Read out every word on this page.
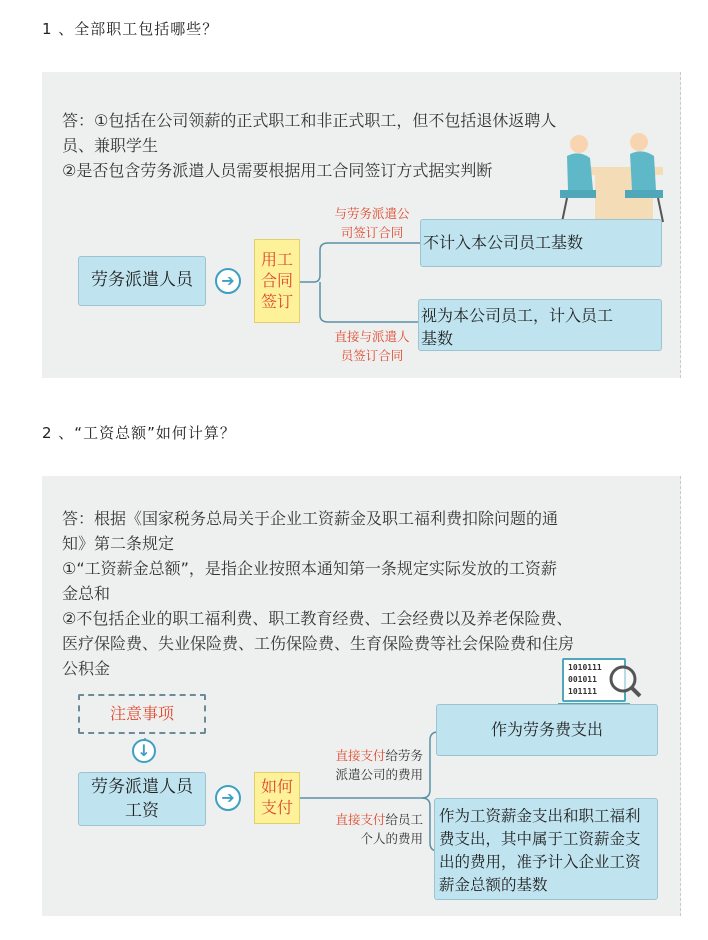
1 、全部职工包括哪些？
答：①包括在公司领薪的正式职工和非正式职工，但不包括退休返聘人
员、兼职学生
②是否包含劳务派遣人员需要根据用工合同签订方式据实判断
劳务派遣人员	➔
用工
合同
签订
与劳务派遣公
司签订合同
直接与派遣人
员签订合同
不计入本公司员工基数
视为本公司员工，计入员工
基数
2 、“工资总额”如何计算？
答：根据《国家税务总局关于企业工资薪金及职工福利费扣除问题的通
知》第二条规定
①“工资薪金总额”，是指企业按照本通知第一条规定实际发放的工资薪
金总和
②不包括企业的职工福利费、职工教育经费、工会经费以及养老保险费、
医疗保险费、失业保险费、工伤保险费、生育保险费等社会保险费和住房
公积金	1010111
001011
101111
注意事项
↓
劳务派遣人员
工资
➔
如何
支付
直接支付给劳务
派遣公司的费用
直接支付给员工
个人的费用
作为劳务费支出
作为工资薪金支出和职工福利
费支出，其中属于工资薪金支
出的费用，准予计入企业工资
薪金总额的基数
